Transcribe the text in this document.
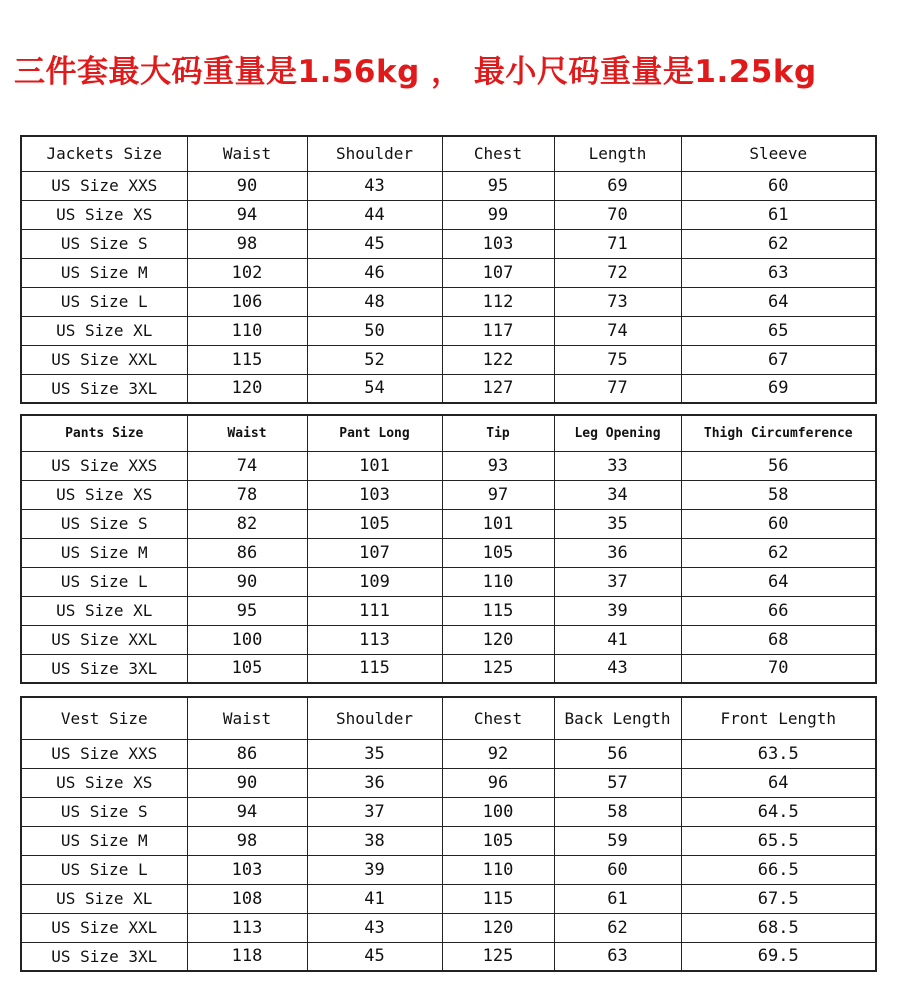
三件套最大码重量是1.56kg ， 最小尺码重量是1.25kg
Jackets Size	Waist	Shoulder	Chest	Length	Sleeve
US Size XXS	90	43	95	69	60
US Size XS	94	44	99	70	61
US Size S	98	45	103	71	62
US Size M	102	46	107	72	63
US Size L	106	48	112	73	64
US Size XL	110	50	117	74	65
US Size XXL	115	52	122	75	67
US Size 3XL	120	54	127	77	69
Pants Size	Waist	Pant Long	Tip	Leg Opening	Thigh Circumference
US Size XXS	74	101	93	33	56
US Size XS	78	103	97	34	58
US Size S	82	105	101	35	60
US Size M	86	107	105	36	62
US Size L	90	109	110	37	64
US Size XL	95	111	115	39	66
US Size XXL	100	113	120	41	68
US Size 3XL	105	115	125	43	70
Vest Size	Waist	Shoulder	Chest	Back Length	Front Length
US Size XXS	86	35	92	56	63.5
US Size XS	90	36	96	57	64
US Size S	94	37	100	58	64.5
US Size M	98	38	105	59	65.5
US Size L	103	39	110	60	66.5
US Size XL	108	41	115	61	67.5
US Size XXL	113	43	120	62	68.5
US Size 3XL	118	45	125	63	69.5
